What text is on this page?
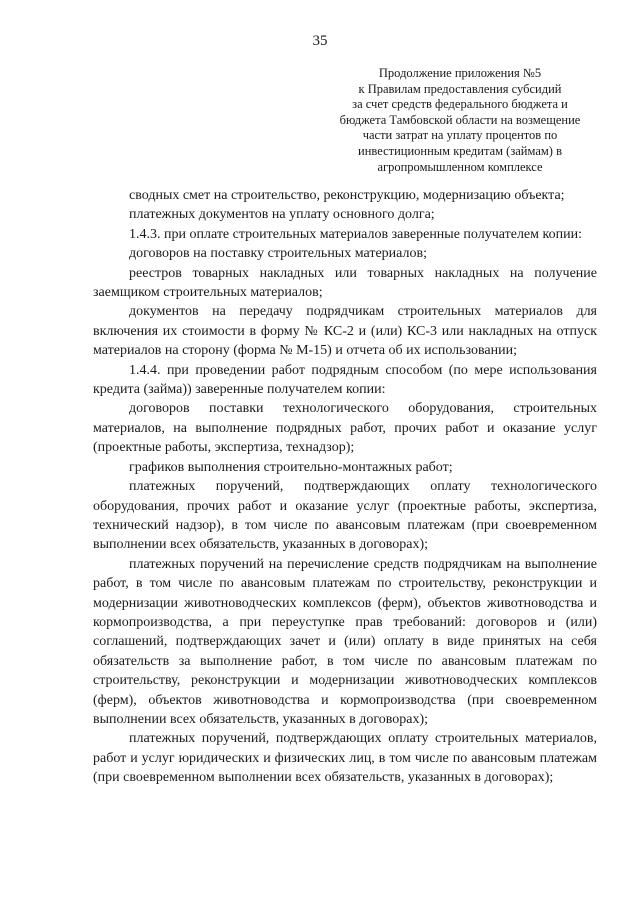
35
Продолжение приложения №5
к Правилам предоставления субсидий
за счет средств федерального бюджета и
бюджета Тамбовской области на возмещение
части затрат на уплату процентов по
инвестиционным кредитам (займам) в
агропромышленном комплексе

сводных смет на строительство, реконструкцию, модернизацию объекта;

платежных документов на уплату основного долга;

1.4.3. при оплате строительных материалов заверенные получателем копии:

договоров на поставку строительных материалов;

реестров товарных накладных или товарных накладных на получение заемщиком строительных материалов;

документов на передачу подрядчикам строительных материалов для включения их стоимости в форму № КС-2 и (или) КС-3 или накладных на отпуск материалов на сторону (форма № М-15) и отчета об их использовании;

1.4.4. при проведении работ подрядным способом (по мере использования кредита (займа)) заверенные получателем копии:

договоров поставки технологического оборудования, строительных материалов, на выполнение подрядных работ, прочих работ и оказание услуг (проектные работы, экспертиза, технадзор);

графиков выполнения строительно-монтажных работ;

платежных поручений, подтверждающих оплату технологического оборудования, прочих работ и оказание услуг (проектные работы, экспертиза, технический надзор), в том числе по авансовым платежам (при своевременном выполнении всех обязательств, указанных в договорах);

платежных поручений на перечисление средств подрядчикам на выполнение работ, в том числе по авансовым платежам по строительству, реконструкции и модернизации животноводческих комплексов (ферм), объектов животноводства и кормопроизводства, а при переуступке прав требований: договоров и (или) соглашений, подтверждающих зачет и (или) оплату в виде принятых на себя обязательств за выполнение работ, в том числе по авансовым платежам по строительству, реконструкции и модернизации животноводческих комплексов (ферм), объектов животноводства и кормопроизводства (при своевременном выполнении всех обязательств, указанных в договорах);

платежных поручений, подтверждающих оплату строительных материалов, работ и услуг юридических и физических лиц, в том числе по авансовым платежам (при своевременном выполнении всех обязательств, указанных в договорах);
